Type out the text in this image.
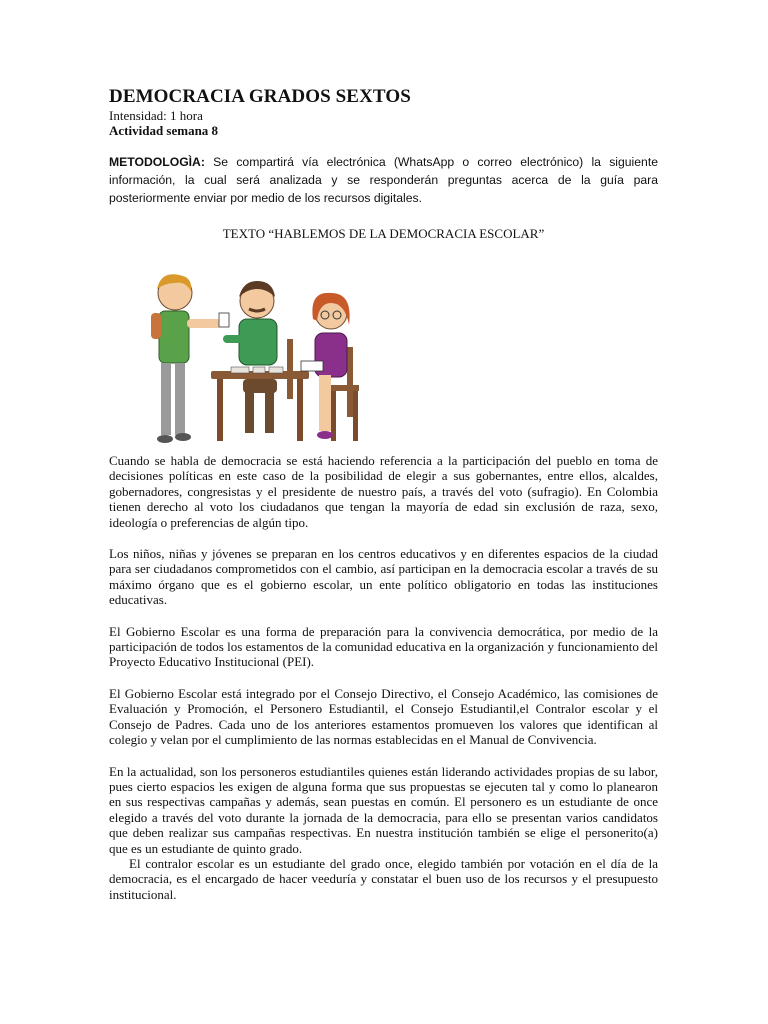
DEMOCRACIA GRADOS SEXTOS

Intensidad: 1 hora

Actividad semana 8

METODOLOGÌA: Se compartirá vía electrónica (WhatsApp o correo electrónico) la siguiente información, la cual será analizada y se responderán preguntas acerca de la guía para posteriormente enviar por medio de los recursos digitales.

TEXTO “HABLEMOS DE LA DEMOCRACIA ESCOLAR”

Cuando se habla de democracia se está haciendo referencia a la participación del pueblo en toma de decisiones políticas en este caso de la posibilidad de elegir a sus gobernantes, entre ellos, alcaldes, gobernadores, congresistas y el presidente de nuestro país, a través del voto (sufragio). En Colombia tienen derecho al voto los ciudadanos que tengan la mayoría de edad sin exclusión de raza, sexo, ideología o preferencias de algún tipo.

Los niños, niñas y jóvenes se preparan en los centros educativos y en diferentes espacios de la ciudad para ser ciudadanos comprometidos con el cambio, así participan en la democracia escolar a través de su máximo órgano que es el gobierno escolar, un ente político obligatorio en todas las instituciones educativas.

El Gobierno Escolar es una forma de preparación para la convivencia democrática, por medio de la participación de todos los estamentos de la comunidad educativa en la organización y funcionamiento del Proyecto Educativo Institucional (PEI).

El Gobierno Escolar está integrado por el Consejo Directivo, el Consejo Académico, las comisiones de Evaluación y Promoción, el Personero Estudiantil, el Consejo Estudiantil,el Contralor escolar y el Consejo de Padres. Cada uno de los anteriores estamentos promueven los valores que identifican al colegio y velan por el cumplimiento de las normas establecidas en el Manual de Convivencia.

En la actualidad, son los personeros estudiantiles quienes están liderando actividades propias de su labor, pues cierto espacios les exigen de alguna forma que sus propuestas se ejecuten tal y como lo planearon en sus respectivas campañas y además, sean puestas en común. El personero es un estudiante de once elegido a través del voto durante la jornada de la democracia, para ello se presentan varios candidatos que deben realizar sus campañas respectivas. En nuestra institución también se elige el personerito(a) que es un estudiante de quinto grado.

El contralor escolar es un estudiante del grado once, elegido también por votación en el día de la democracia, es el encargado de hacer veeduría y constatar el buen uso de los recursos y el presupuesto institucional.
